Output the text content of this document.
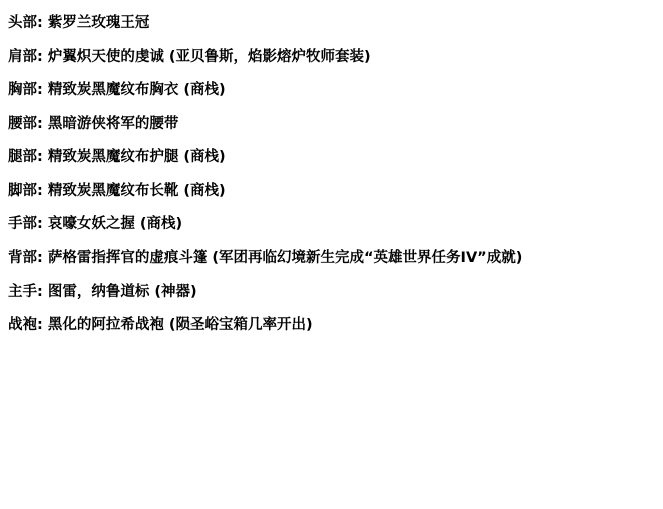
头部: 紫罗兰玫瑰王冠
肩部: 炉翼炽天使的虔诚 (亚贝鲁斯，焰影熔炉牧师套装)
胸部: 精致炭黑魔纹布胸衣 (商栈)
腰部: 黑暗游侠将军的腰带
腿部: 精致炭黑魔纹布护腿 (商栈)
脚部: 精致炭黑魔纹布长靴 (商栈)
手部: 哀嚎女妖之握 (商栈)
背部: 萨格雷指挥官的虚痕斗篷 (军团再临幻境新生完成“英雄世界任务IV”成就)
主手: 图雷，纳鲁道标 (神器)
战袍: 黑化的阿拉希战袍 (陨圣峪宝箱几率开出)
